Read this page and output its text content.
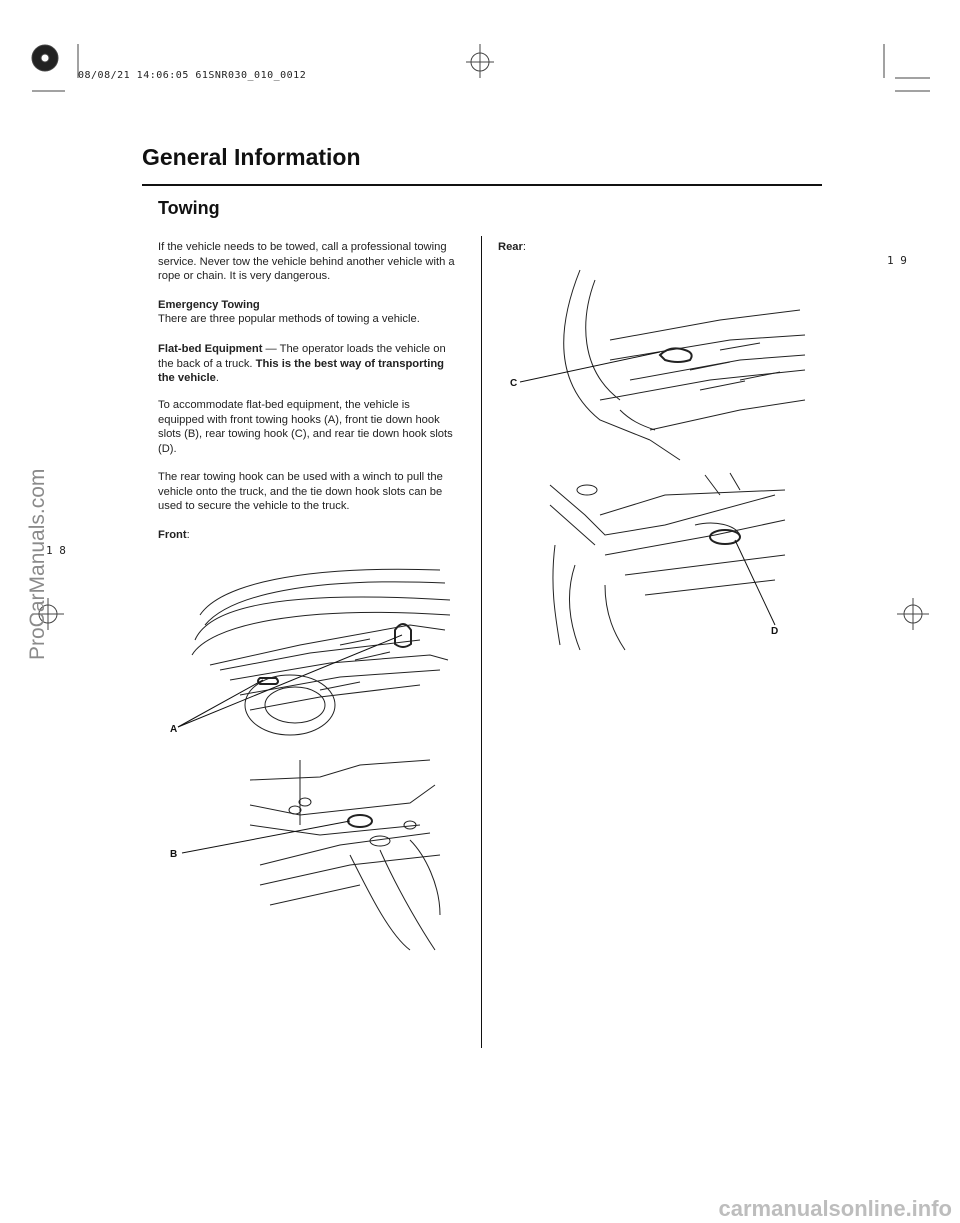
08/08/21 14:06:05 61SNR030_010_0012
General Information
Towing
1 9
1 8
If the vehicle needs to be towed, call a professional towing service. Never tow the vehicle behind another vehicle with a rope or chain. It is very dangerous.
Emergency Towing
There are three popular methods of towing a vehicle.
Flat-bed Equipment — The operator loads the vehicle on the back of a truck. This is the best way of transporting the vehicle.
To accommodate flat-bed equipment, the vehicle is equipped with front towing hooks (A), front tie down hook slots (B), rear towing hook (C), and rear tie down hook slots (D).
The rear towing hook can be used with a winch to pull the vehicle onto the truck, and the tie down hook slots can be used to secure the vehicle to the truck.
Front:
Rear:
A
B
C
D
ProCarManuals.com
carmanualsonline.info
